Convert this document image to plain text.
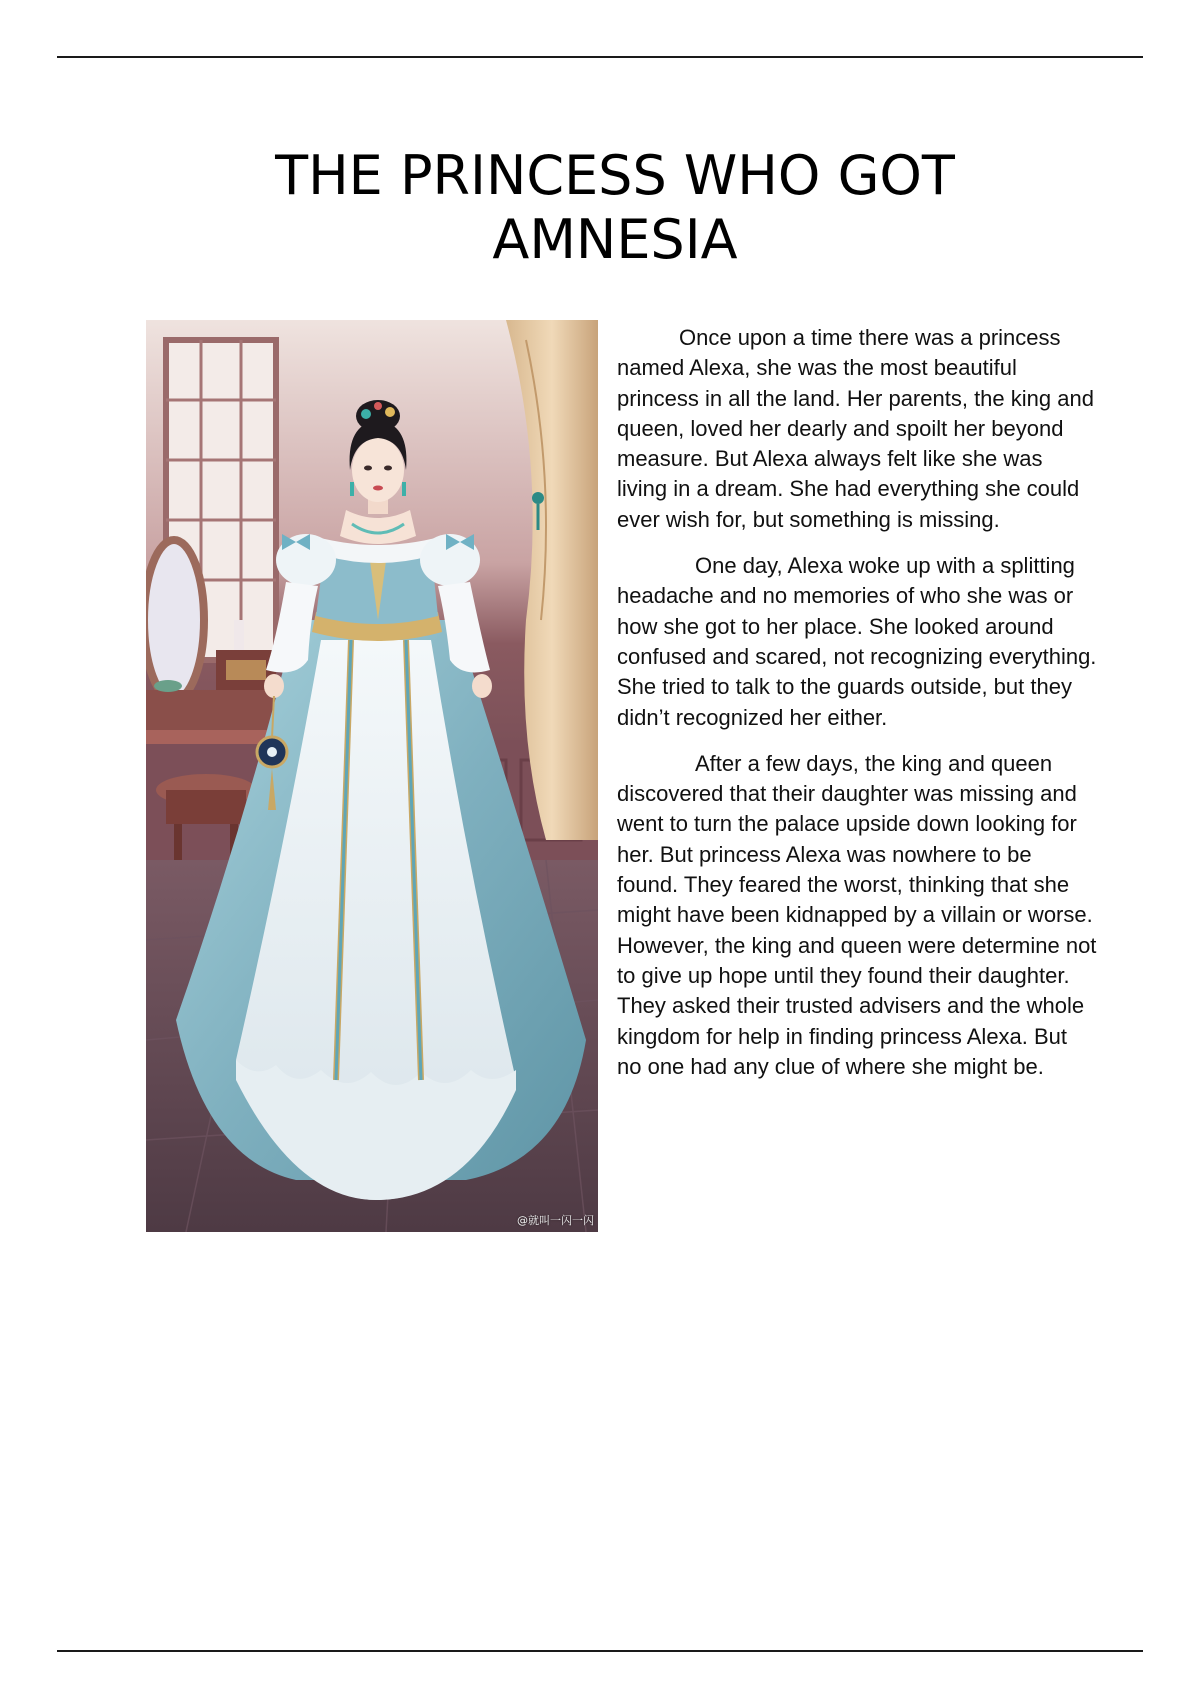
THE PRINCESS WHO GOT AMNESIA
@就叫一闪一闪

Once upon a time there was a princess named Alexa, she was the most beautiful princess in all the land. Her parents, the king and queen, loved her dearly and spoilt her beyond measure. But Alexa always felt like she was living in a dream. She had everything she could ever wish for, but something is missing.

One day, Alexa woke up with a splitting headache and no memories of who she was or how she got to her place. She looked around confused and scared, not recognizing everything. She tried to talk to the guards outside, but they didn’t recognized her either.

After a few days, the king and queen discovered that their daughter was missing and went to turn the palace upside down looking for her. But princess Alexa was nowhere to be found. They feared the worst, thinking that she might have been kidnapped by a villain or worse. However, the king and queen were determine not to give up hope until they found their daughter. They asked their trusted advisers and the whole kingdom for help in finding princess Alexa. But no one had any clue of where she might be.
